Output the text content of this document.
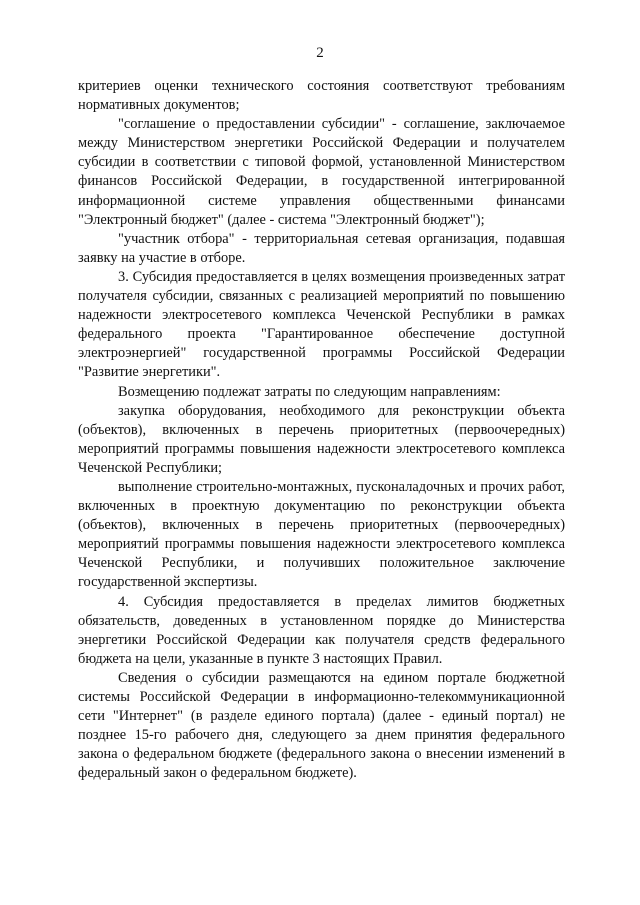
2

критериев оценки технического состояния соответствуют требованиям нормативных документов;

"соглашение о предоставлении субсидии" - соглашение, заключаемое между Министерством энергетики Российской Федерации и получателем субсидии в соответствии с типовой формой, установленной Министерством финансов Российской Федерации, в государственной интегрированной информационной системе управления общественными финансами "Электронный бюджет" (далее - система "Электронный бюджет");

"участник отбора" - территориальная сетевая организация, подавшая заявку на участие в отборе.

3. Субсидия предоставляется в целях возмещения произведенных затрат получателя субсидии, связанных с реализацией мероприятий по повышению надежности электросетевого комплекса Чеченской Республики в рамках федерального проекта "Гарантированное обеспечение доступной электроэнергией" государственной программы Российской Федерации "Развитие энергетики".

Возмещению подлежат затраты по следующим направлениям:

закупка оборудования, необходимого для реконструкции объекта (объектов), включенных в перечень приоритетных (первоочередных) мероприятий программы повышения надежности электросетевого комплекса Чеченской Республики;

выполнение строительно-монтажных, пусконаладочных и прочих работ, включенных в проектную документацию по реконструкции объекта (объектов), включенных в перечень приоритетных (первоочередных) мероприятий программы повышения надежности электросетевого комплекса Чеченской Республики, и получивших положительное заключение государственной экспертизы.

4. Субсидия предоставляется в пределах лимитов бюджетных обязательств, доведенных в установленном порядке до Министерства энергетики Российской Федерации как получателя средств федерального бюджета на цели, указанные в пункте 3 настоящих Правил.

Сведения о субсидии размещаются на едином портале бюджетной системы Российской Федерации в информационно-телекоммуникационной сети "Интернет" (в разделе единого портала) (далее - единый портал) не позднее 15-го рабочего дня, следующего за днем принятия федерального закона о федеральном бюджете (федерального закона о внесении изменений в федеральный закон о федеральном бюджете).
